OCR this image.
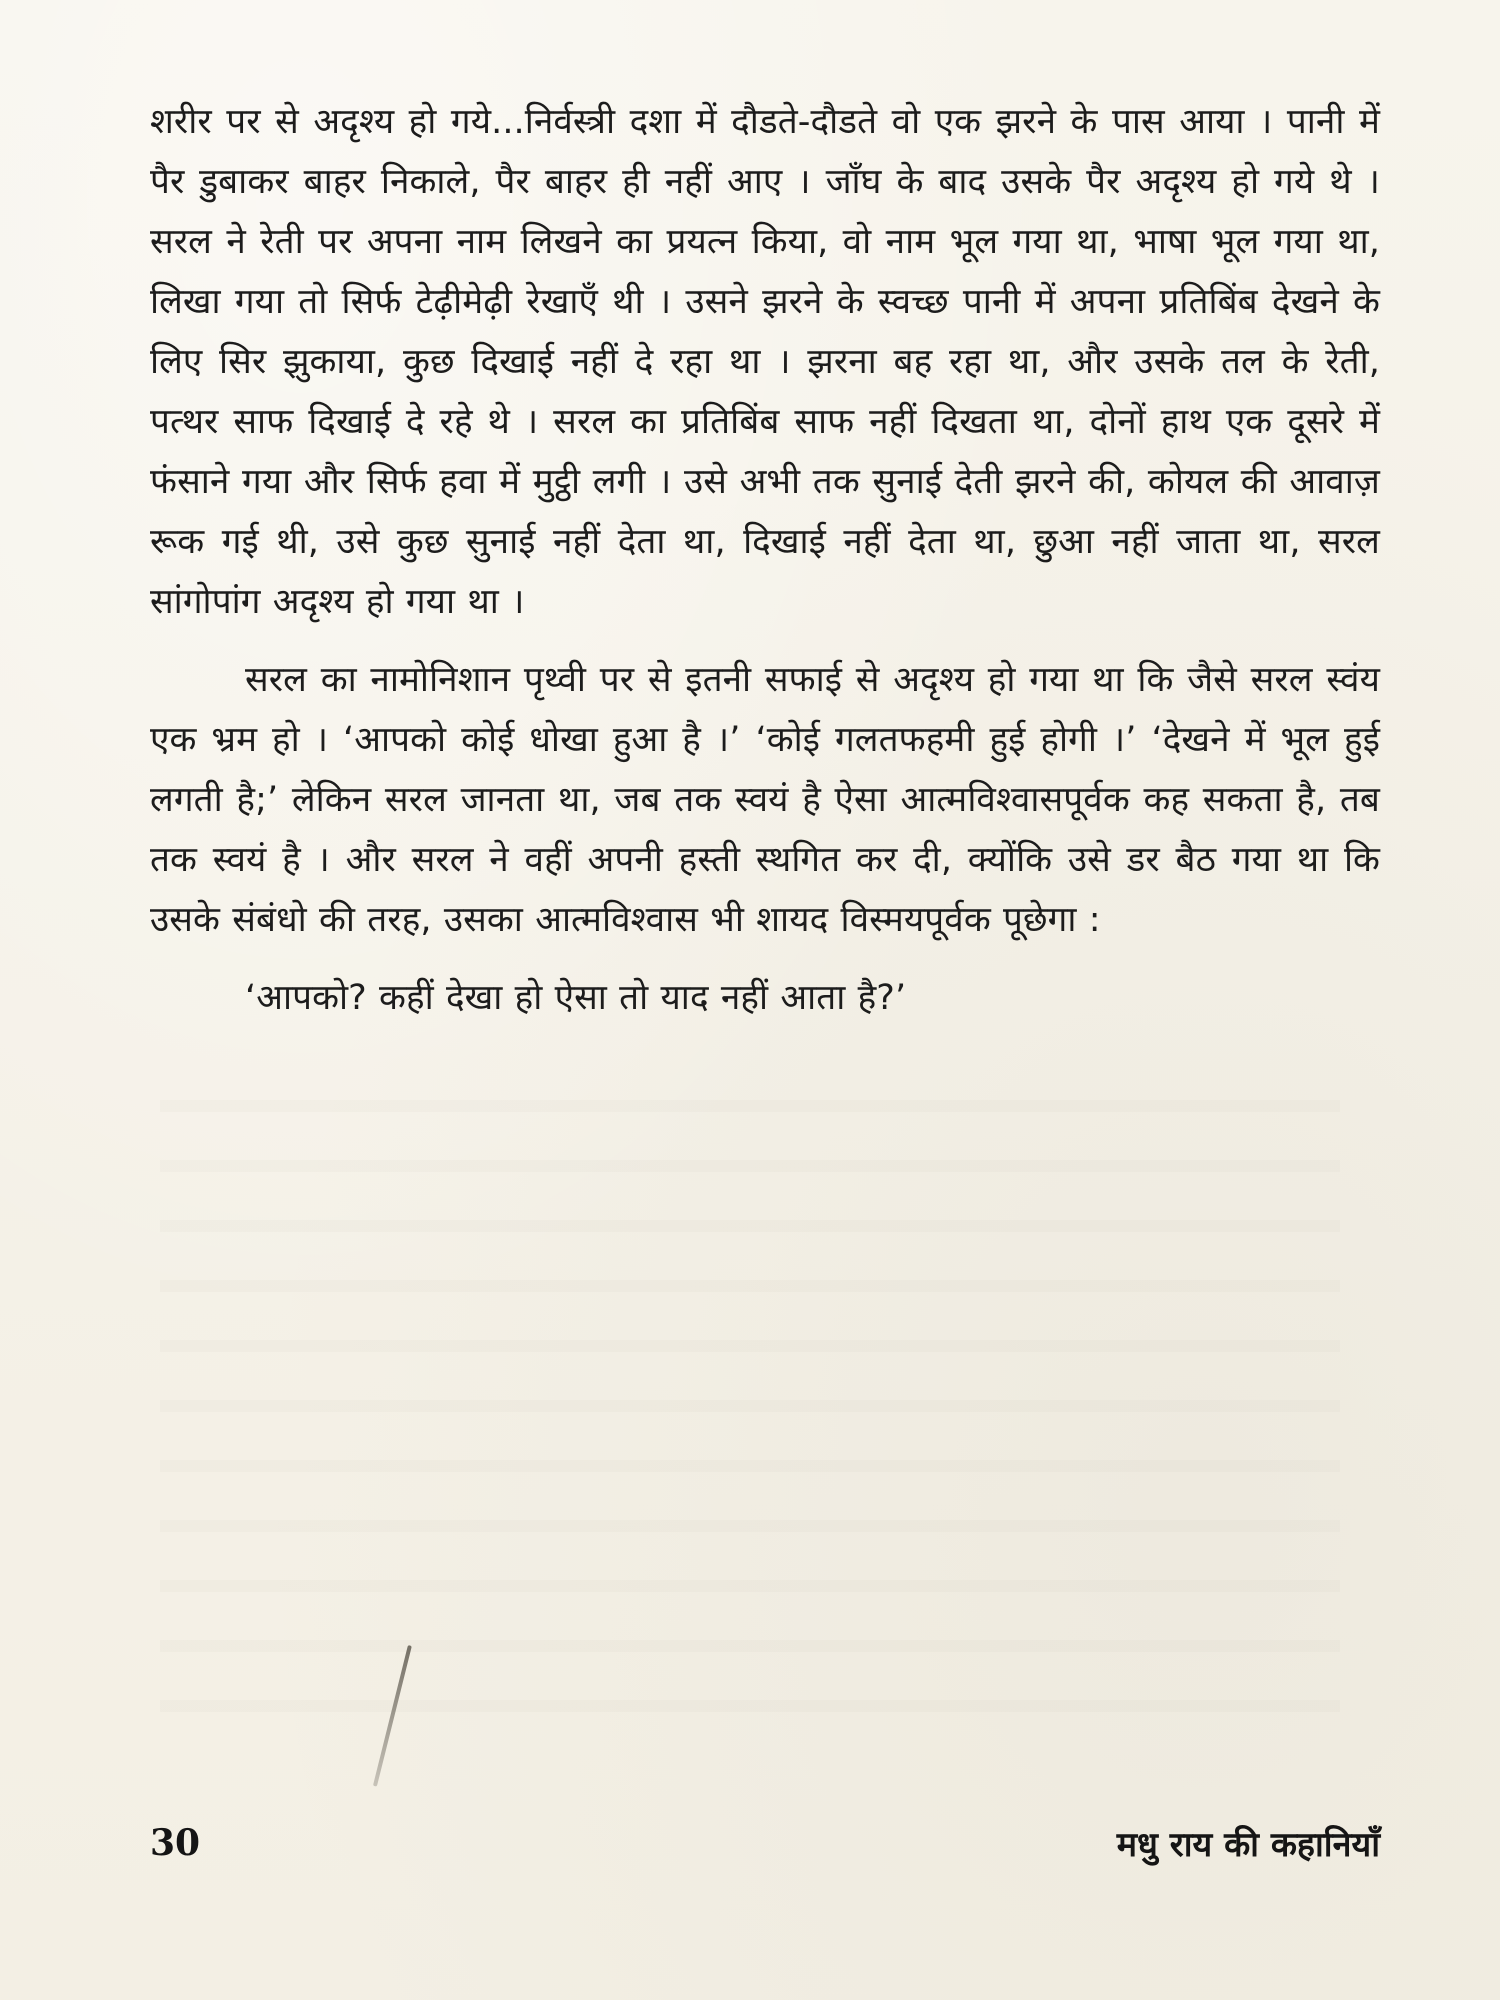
शरीर पर से अदृश्य हो गये...निर्वस्त्री दशा में दौडते-दौडते वो एक झरने के पास आया । पानी में पैर डुबाकर बाहर निकाले, पैर बाहर ही नहीं आए । जाँघ के बाद उसके पैर अदृश्य हो गये थे । सरल ने रेती पर अपना नाम लिखने का प्रयत्न किया, वो नाम भूल गया था, भाषा भूल गया था, लिखा गया तो सिर्फ टेढ़ीमेढ़ी रेखाएँ थी । उसने झरने के स्वच्छ पानी में अपना प्रतिबिंब देखने के लिए सिर झुकाया, कुछ दिखाई नहीं दे रहा था । झरना बह रहा था, और उसके तल के रेती, पत्थर साफ दिखाई दे रहे थे । सरल का प्रतिबिंब साफ नहीं दिखता था, दोनों हाथ एक दूसरे में फंसाने गया और सिर्फ हवा में मुट्ठी लगी । उसे अभी तक सुनाई देती झरने की, कोयल की आवाज़ रूक गई थी, उसे कुछ सुनाई नहीं देता था, दिखाई नहीं देता था, छुआ नहीं जाता था, सरल सांगोपांग अदृश्य हो गया था ।

सरल का नामोनिशान पृथ्वी पर से इतनी सफाई से अदृश्य हो गया था कि जैसे सरल स्वंय एक भ्रम हो । ‘आपको कोई धोखा हुआ है ।’ ‘कोई गलतफहमी हुई होगी ।’ ‘देखने में भूल हुई लगती है;’ लेकिन सरल जानता था, जब तक स्वयं है ऐसा आत्मविश्वासपूर्वक कह सकता है, तब तक स्वयं है । और सरल ने वहीं अपनी हस्ती स्थगित कर दी, क्योंकि उसे डर बैठ गया था कि उसके संबंधो की तरह, उसका आत्मविश्वास भी शायद विस्मयपूर्वक पूछेगा :

‘आपको? कहीं देखा हो ऐसा तो याद नहीं आता है?’

30	मधु राय की कहानियाँ
